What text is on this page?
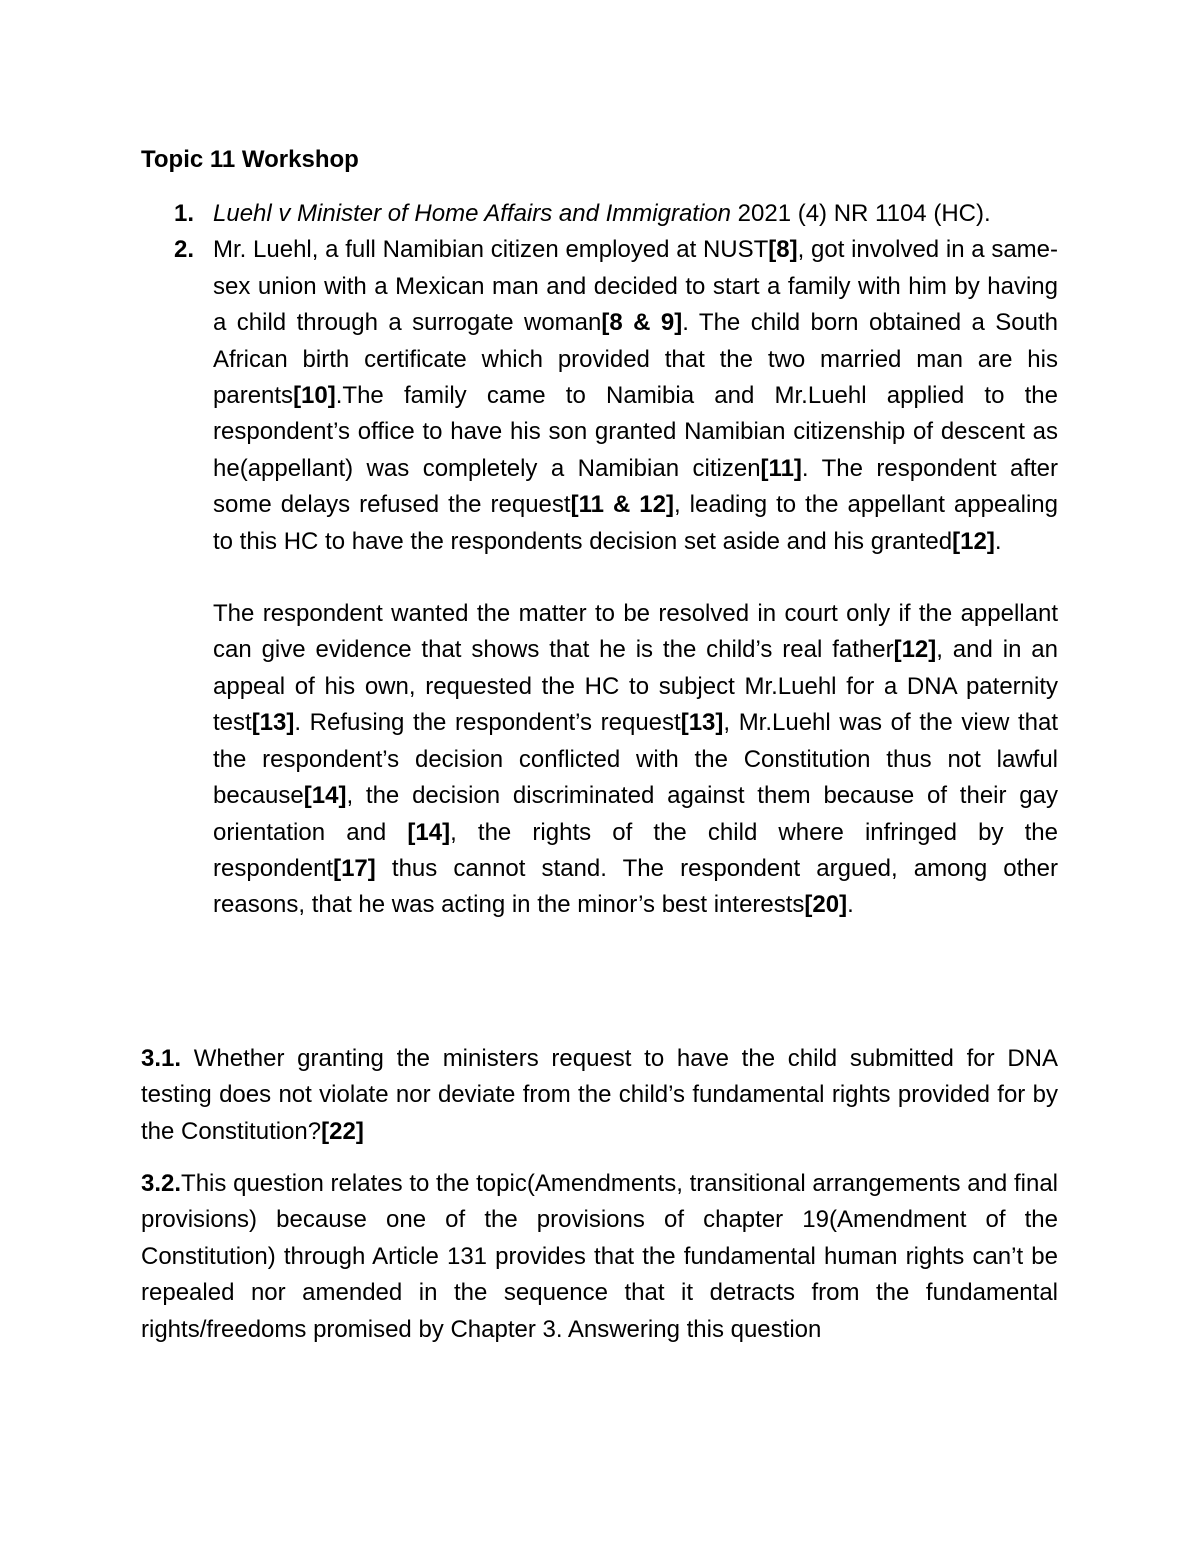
Topic 11 Workshop
1. Luehl v Minister of Home Affairs and Immigration 2021 (4) NR 1104 (HC).
2. Mr. Luehl, a full Namibian citizen employed at NUST[8], got involved in a same-sex union with a Mexican man and decided to start a family with him by having a child through a surrogate woman[8 & 9]. The child born obtained a South African birth certificate which provided that the two married man are his parents[10].The family came to Namibia and Mr.Luehl applied to the respondent’s office to have his son granted Namibian citizenship of descent as he(appellant) was completely a Namibian citizen[11]. The respondent after some delays refused the request[11 & 12], leading to the appellant appealing to this HC to have the respondents decision set aside and his granted[12].
The respondent wanted the matter to be resolved in court only if the appellant can give evidence that shows that he is the child’s real father[12], and in an appeal of his own, requested the HC to subject Mr.Luehl for a DNA paternity test[13]. Refusing the respondent’s request[13], Mr.Luehl was of the view that the respondent’s decision conflicted with the Constitution thus not lawful because[14], the decision discriminated against them because of their gay orientation and [14], the rights of the child where infringed by the respondent[17] thus cannot stand. The respondent argued, among other reasons, that he was acting in the minor’s best interests[20].

3.1. Whether granting the ministers request to have the child submitted for DNA testing does not violate nor deviate from the child’s fundamental rights provided for by the Constitution?[22]

3.2.This question relates to the topic(Amendments, transitional arrangements and final provisions) because one of the provisions of chapter 19(Amendment of the Constitution) through Article 131 provides that the fundamental human rights can’t be repealed nor amended in the sequence that it detracts from the fundamental rights/freedoms promised by Chapter 3. Answering this question
